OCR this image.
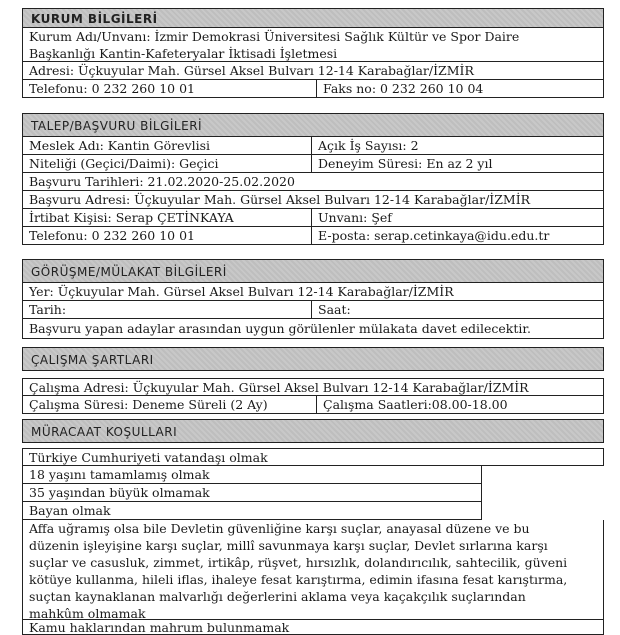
KURUM BİLGİLERİ
Kurum Adı/Unvanı: İzmir Demokrasi Üniversitesi Sağlık Kültür ve Spor Daire
Başkanlığı Kantin-Kafeteryalar İktisadi İşletmesi
Adresi: Üçkuyular Mah. Gürsel Aksel Bulvarı 12-14 Karabağlar/İZMİR
Telefonu: 0 232 260 10 01	Faks no: 0 232 260 10 04
TALEP/BAŞVURU BİLGİLERİ
Meslek Adı: Kantin Görevlisi	Açık İş Sayısı: 2
Niteliği (Geçici/Daimi): Geçici	Deneyim Süresi: En az 2 yıl
Başvuru Tarihleri: 21.02.2020-25.02.2020
Başvuru Adresi: Üçkuyular Mah. Gürsel Aksel Bulvarı 12-14 Karabağlar/İZMİR
İrtibat Kişisi: Serap ÇETİNKAYA	Unvanı: Şef
Telefonu: 0 232 260 10 01	E-posta: serap.cetinkaya@idu.edu.tr
GÖRÜŞME/MÜLAKAT BİLGİLERİ
Yer: Üçkuyular Mah. Gürsel Aksel Bulvarı 12-14 Karabağlar/İZMİR
Tarih:	Saat:
Başvuru yapan adaylar arasından uygun görülenler mülakata davet edilecektir.
ÇALIŞMA ŞARTLARI
Çalışma Adresi: Üçkuyular Mah. Gürsel Aksel Bulvarı 12-14 Karabağlar/İZMİR
Çalışma Süresi: Deneme Süreli (2 Ay)	Çalışma Saatleri:08.00-18.00
MÜRACAAT KOŞULLARI
Türkiye Cumhuriyeti vatandaşı olmak
18 yaşını tamamlamış olmak
35 yaşından büyük olmamak
Bayan olmak
Affa uğramış olsa bile Devletin güvenliğine karşı suçlar, anayasal düzene ve bu
düzenin işleyişine karşı suçlar, millî savunmaya karşı suçlar, Devlet sırlarına karşı
suçlar ve casusluk, zimmet, irtikâp, rüşvet, hırsızlık, dolandırıcılık, sahtecilik, güveni
kötüye kullanma, hileli iflas, ihaleye fesat karıştırma, edimin ifasına fesat karıştırma,
suçtan kaynaklanan malvarlığı değerlerini aklama veya kaçakçılık suçlarından
mahkûm olmamak
Kamu haklarından mahrum bulunmamak
